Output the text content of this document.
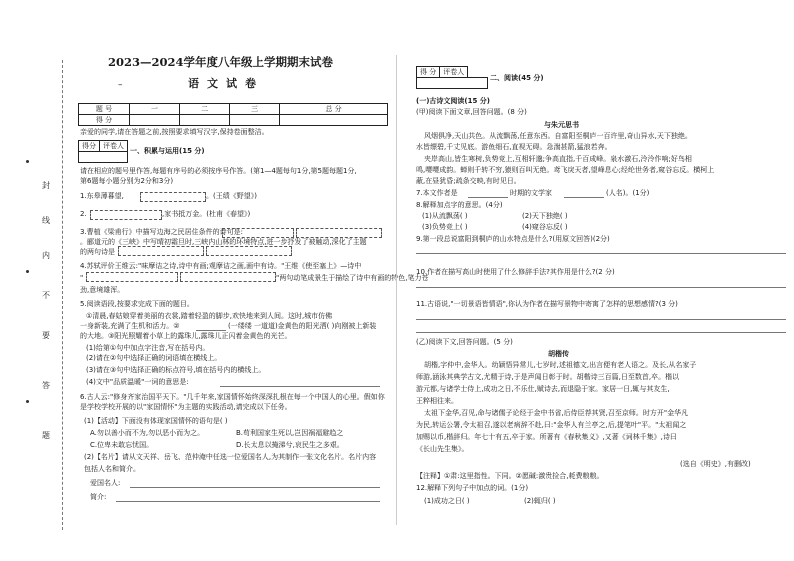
2023—2024学年度八年级上学期期末试卷
–	语文试卷
题 号	一	二	三	总 分
得 分				
亲爱的同学,请在答题之前,按照要求填写汉字,保持卷面整洁。
得分 评卷人
一、积累与运用(15 分)
请在相应的题号里作答,每题有序号的必须按序号作答。(第1—4题每句1分,第5题每题1分,
第6题每小题分别为2分和3分)
1.东皋薄暮望,	。(王绩《野望》)
2.	,家书抵万金。(杜甫《春望》)
3.曹植《梁甫行》中描写边海之民居住条件的诗句是:
。郦道元的《三峡》中写晴初霜旦时,三峡内山林的环境特点,进一步抒发了被触动,深化了主题
的两句诗是
4.苏轼评价王维云:"味摩诘之诗,诗中有画;观摩诘之画,画中有诗。"王维《使至塞上》—诗中
"	"两句动笔成景生于描绘了诗中有画的特色,笔力苍
劲,意境雄浑。
5.阅读语段,按要求完成下面的题目。
①清晨,春姑娘穿着美丽的衣裳,踏着轻盈的脚步,欢快地来到人间。这时,城市仿佛
一身新装,充满了生机和活力。②	(一缕缕 一道道)金黄色的阳光洒( )向刚被上新装
的大地。③阳光照耀着小草上的露珠儿,露珠儿正闪着金黄色的光芒。
(1)给第①句中加点字注音,写在括号内。
(2)请在②句中选择正确的词语填在横线上。
(3)请在③句中选择正确的标点符号,填在括号内的横线上。
(4)文中"品质温暖"一词的意思是:
6.古人云:"修身齐家治国平天下。"几千年来,家国情怀始终深深扎根在每一个中国人的心里。假如你
是学校学校开展的以"家国情怀"为主题的实践活动,请完成以下任务。
(1)【活动】下面没有体现家国情怀的语句是( )
A.勿以善小而不为,勿以恶小而为之。	B.苟利国家生死以,岂因祸福避趋之
C.位卑未敢忘忧国。	D.长太息以掩涕兮,哀民生之多艰。
(2)【名片】请从文天祥、岳飞、范仲淹中任选一位爱国名人,为其制作一张文化名片。名片内容
包括人名和简介。
爱国名人:
简介:
封
线
内
不
要
答
题
得 分 评卷人
二、阅读(45 分)
(一)古诗文阅读(15 分)
(甲)阅读下面文章,回答问题。(8 分)
与朱元思书
风烟俱净,天山共色。从流飘荡,任意东西。自富阳至桐庐一百许里,奇山异水,天下独绝。
水皆缥碧,千丈见底。游鱼细石,直视无碍。急湍甚箭,猛浪若奔。
夹岸高山,皆生寒树,负势竞上,互相轩邈;争高直指,千百成峰。泉水激石,泠泠作响;好鸟相
鸣,嘤嘤成韵。蝉则千转不穷,猿则百叫无绝。鸢飞戾天者,望峰息心;经纶世务者,窥谷忘反。横柯上
蔽,在昼犹昏;疏条交映,有时见日。
7.本文作者是	时期的文学家	(人名)。(1分)
8.解释加点字的意思。(4分)
(1)从流飘荡( )	(2)天下独绝( )
(3)负势竞上( )	(4)窥谷忘反( )
9.第一段总说富阳到桐庐的山水特点是什么?(用原文回答)(2分)
10.作者在描写高山时使用了什么修辞手法?其作用是什么?(2 分)
11.古语说,"一切景语皆情语",你认为作者在描写景物中寄寓了怎样的思想感情?(3 分)
(乙)阅读下文,回答问题。(5 分)
胡楷传
胡楷,字仲中,金华人。幼颖悟异常儿,七岁时,述祖德文,出言便有老人语之。及长,从名家子
师游,涵泳其典学古文,尤精于诗,于是声闻日彰于时。胡楷诗三百篇,日至数首,卒。楷以
游元都,与诸学士侍上,成功之日,不乐仕,赋诗去,而退隐于家。家居一日,辄与其友生,
王粹相往来。
太祖下金华,召见,命与诸儒子论经于金中书省,后侍臣荐其贤,召至京师。时方开"金华凡
为民,转运公署,令太祖召,遂以老病辞不赴,曰:"金华人有兰亭之,后,提笔叶"平。"太祖闻之
加赐以币,楷辞归。年七十有五,卒于家。所著有《春秋集义》,又著《词林千集》,诗曰
《长山先生集》。
(选自《明史》,有删改)
【注释】①肃:这里指性。下同。②愿碱:激贵捡合,耗费粮粮。
12.解释下列句子中加点的词。(1分)
(1)成功之日( )	(2)辄归( )
